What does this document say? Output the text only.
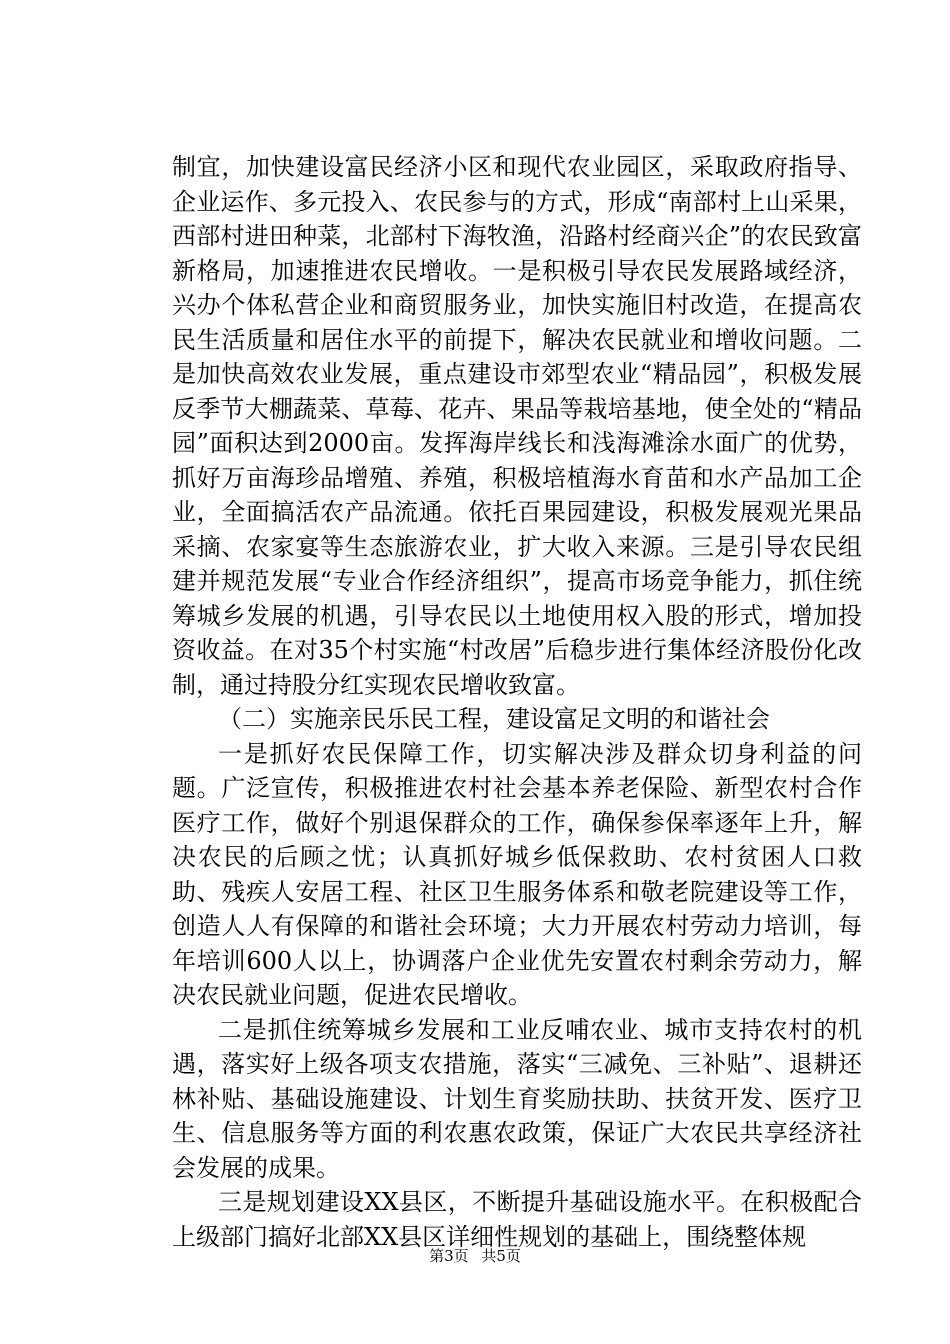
制宜，加快建设富民经济小区和现代农业园区，采取政府指导、企业运作、多元投入、农民参与的方式，形成“南部村上山采果，西部村进田种菜，北部村下海牧渔，沿路村经商兴企”的农民致富新格局，加速推进农民增收。一是积极引导农民发展路域经济，兴办个体私营企业和商贸服务业，加快实施旧村改造，在提高农民生活质量和居住水平的前提下，解决农民就业和增收问题。二是加快高效农业发展，重点建设市郊型农业“精品园”，积极发展反季节大棚蔬菜、草莓、花卉、果品等栽培基地，使全处的“精品园”面积达到2000亩。发挥海岸线长和浅海滩涂水面广的优势，抓好万亩海珍品增殖、养殖，积极培植海水育苗和水产品加工企业，全面搞活农产品流通。依托百果园建设，积极发展观光果品采摘、农家宴等生态旅游农业，扩大收入来源。三是引导农民组建并规范发展“专业合作经济组织”，提高市场竞争能力，抓住统筹城乡发展的机遇，引导农民以土地使用权入股的形式，增加投资收益。在对35个村实施“村改居”后稳步进行集体经济股份化改制，通过持股分红实现农民增收致富。

（二）实施亲民乐民工程，建设富足文明的和谐社会

一是抓好农民保障工作，切实解决涉及群众切身利益的问题。广泛宣传，积极推进农村社会基本养老保险、新型农村合作医疗工作，做好个别退保群众的工作，确保参保率逐年上升，解决农民的后顾之忧；认真抓好城乡低保救助、农村贫困人口救助、残疾人安居工程、社区卫生服务体系和敬老院建设等工作，创造人人有保障的和谐社会环境；大力开展农村劳动力培训，每年培训600人以上，协调落户企业优先安置农村剩余劳动力，解决农民就业问题，促进农民增收。

二是抓住统筹城乡发展和工业反哺农业、城市支持农村的机遇，落实好上级各项支农措施，落实“三减免、三补贴”、退耕还林补贴、基础设施建设、计划生育奖励扶助、扶贫开发、医疗卫生、信息服务等方面的利农惠农政策，保证广大农民共享经济社会发展的成果。

三是规划建设XX县区，不断提升基础设施水平。在积极配合上级部门搞好北部XX县区详细性规划的基础上，围绕整体规

第3页 共5页
